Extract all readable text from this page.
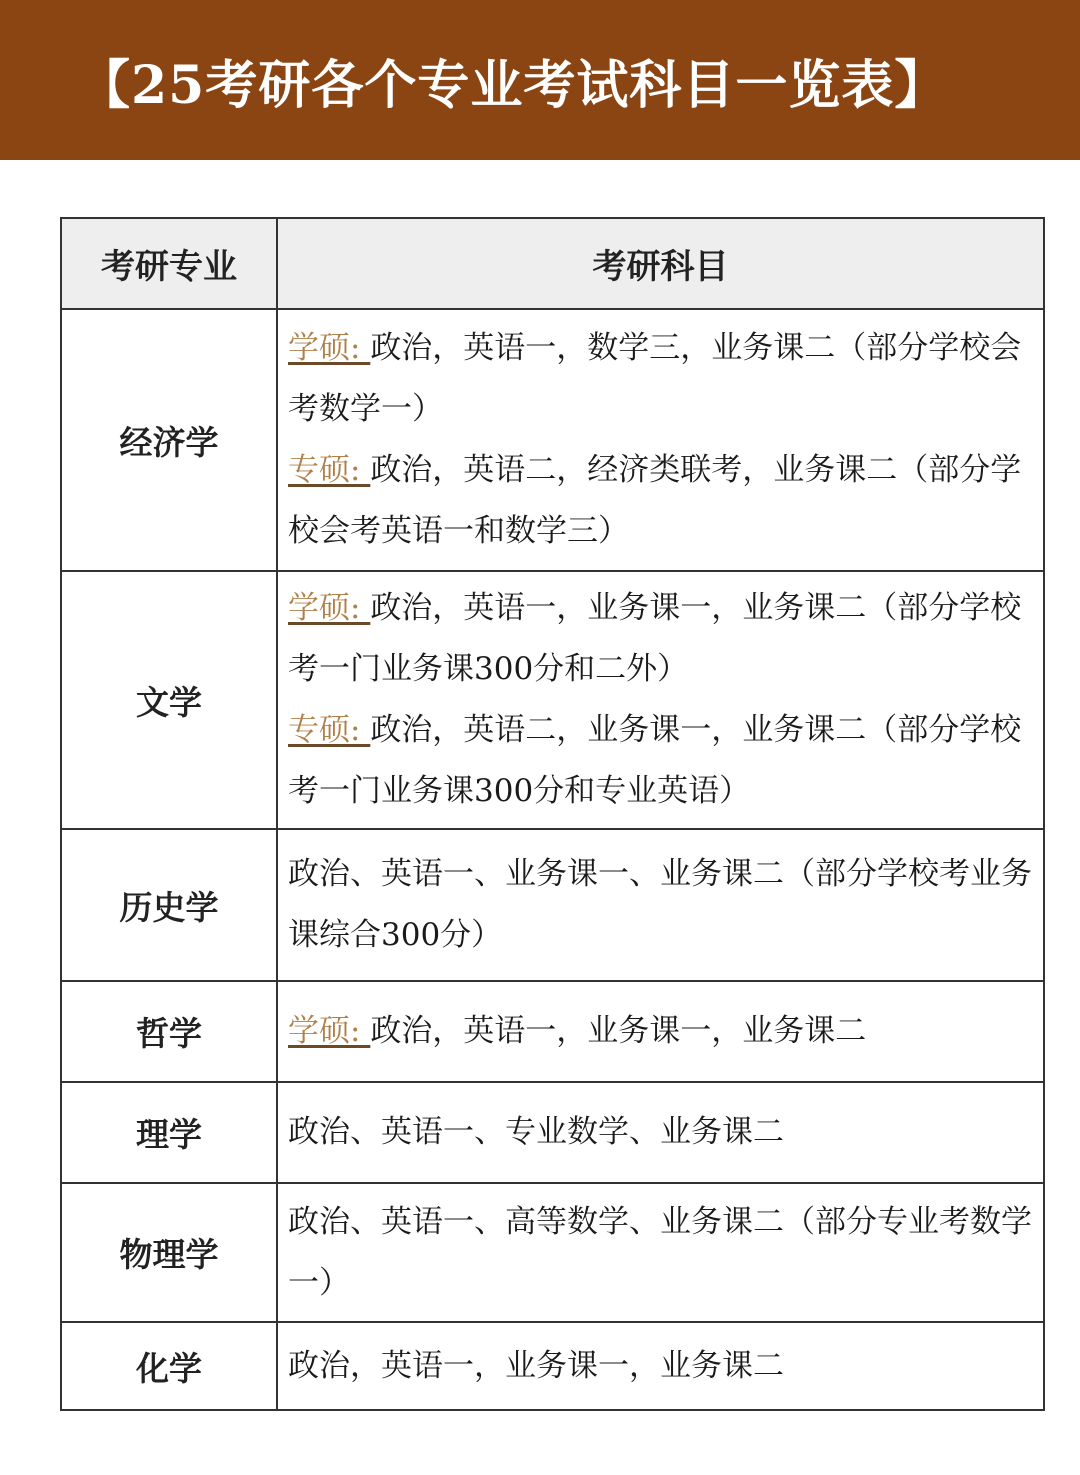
【25考研各个专业考试科目一览表】
考研专业	考研科目
经济学	学硕 : 政治，英语一，数学三，业务课二（部分学校会考数学一）

专硕 : 政治，英语二，经济类联考，业务课二（部分学校会考英语一和数学三）

文学	学硕 : 政治，英语一，业务课一，业务课二（部分学校考一门业务课300分和二外）

专硕 : 政治，英语二，业务课一，业务课二（部分学校考一门业务课300分和专业英语）

历史学	政治、英语一、业务课一、业务课二（部分学校考业务课综合300分）

哲学	学硕 : 政治，英语一，业务课一，业务课二

理学	政治、英语一、专业数学、业务课二

物理学	政治、英语一、高等数学、业务课二（部分专业考数学一）

化学	政治，英语一，业务课一，业务课二
